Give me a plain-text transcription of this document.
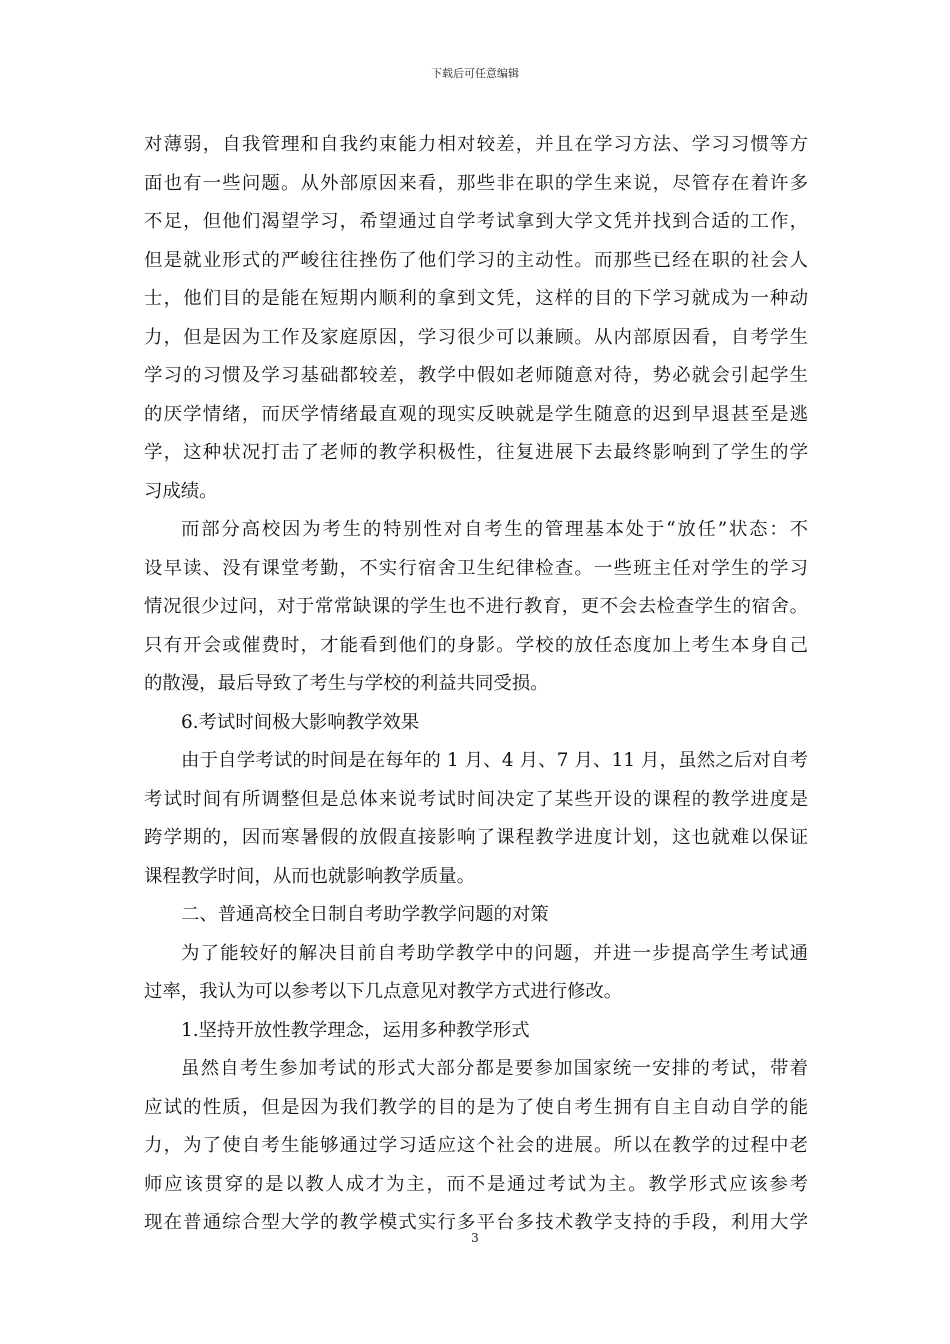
下载后可任意编辑
对薄弱，自我管理和自我约束能力相对较差，并且在学习方法、学习习惯等方
面也有一些问题。从外部原因来看，那些非在职的学生来说，尽管存在着许多
不足，但他们渴望学习，希望通过自学考试拿到大学文凭并找到合适的工作，
但是就业形式的严峻往往挫伤了他们学习的主动性。而那些已经在职的社会人
士，他们目的是能在短期内顺利的拿到文凭，这样的目的下学习就成为一种动
力，但是因为工作及家庭原因，学习很少可以兼顾。从内部原因看，自考学生
学习的习惯及学习基础都较差，教学中假如老师随意对待，势必就会引起学生
的厌学情绪，而厌学情绪最直观的现实反映就是学生随意的迟到早退甚至是逃
学，这种状况打击了老师的教学积极性，往复进展下去最终影响到了学生的学
习成绩。
而部分高校因为考生的特别性对自考生的管理基本处于“放任”状态：不
设早读、没有课堂考勤，不实行宿舍卫生纪律检查。一些班主任对学生的学习
情况很少过问，对于常常缺课的学生也不进行教育，更不会去检查学生的宿舍。
只有开会或催费时，才能看到他们的身影。学校的放任态度加上考生本身自己
的散漫，最后导致了考生与学校的利益共同受损。
6.考试时间极大影响教学效果
由于自学考试的时间是在每年的 1 月、4 月、7 月、11 月，虽然之后对自考
考试时间有所调整但是总体来说考试时间决定了某些开设的课程的教学进度是
跨学期的，因而寒暑假的放假直接影响了课程教学进度计划，这也就难以保证
课程教学时间，从而也就影响教学质量。
二、普通高校全日制自考助学教学问题的对策
为了能较好的解决目前自考助学教学中的问题，并进一步提高学生考试通
过率，我认为可以参考以下几点意见对教学方式进行修改。
1.坚持开放性教学理念，运用多种教学形式
虽然自考生参加考试的形式大部分都是要参加国家统一安排的考试，带着
应试的性质，但是因为我们教学的目的是为了使自考生拥有自主自动自学的能
力，为了使自考生能够通过学习适应这个社会的进展。所以在教学的过程中老
师应该贯穿的是以教人成才为主，而不是通过考试为主。教学形式应该参考
现在普通综合型大学的教学模式实行多平台多技术教学支持的手段，利用大学
3
